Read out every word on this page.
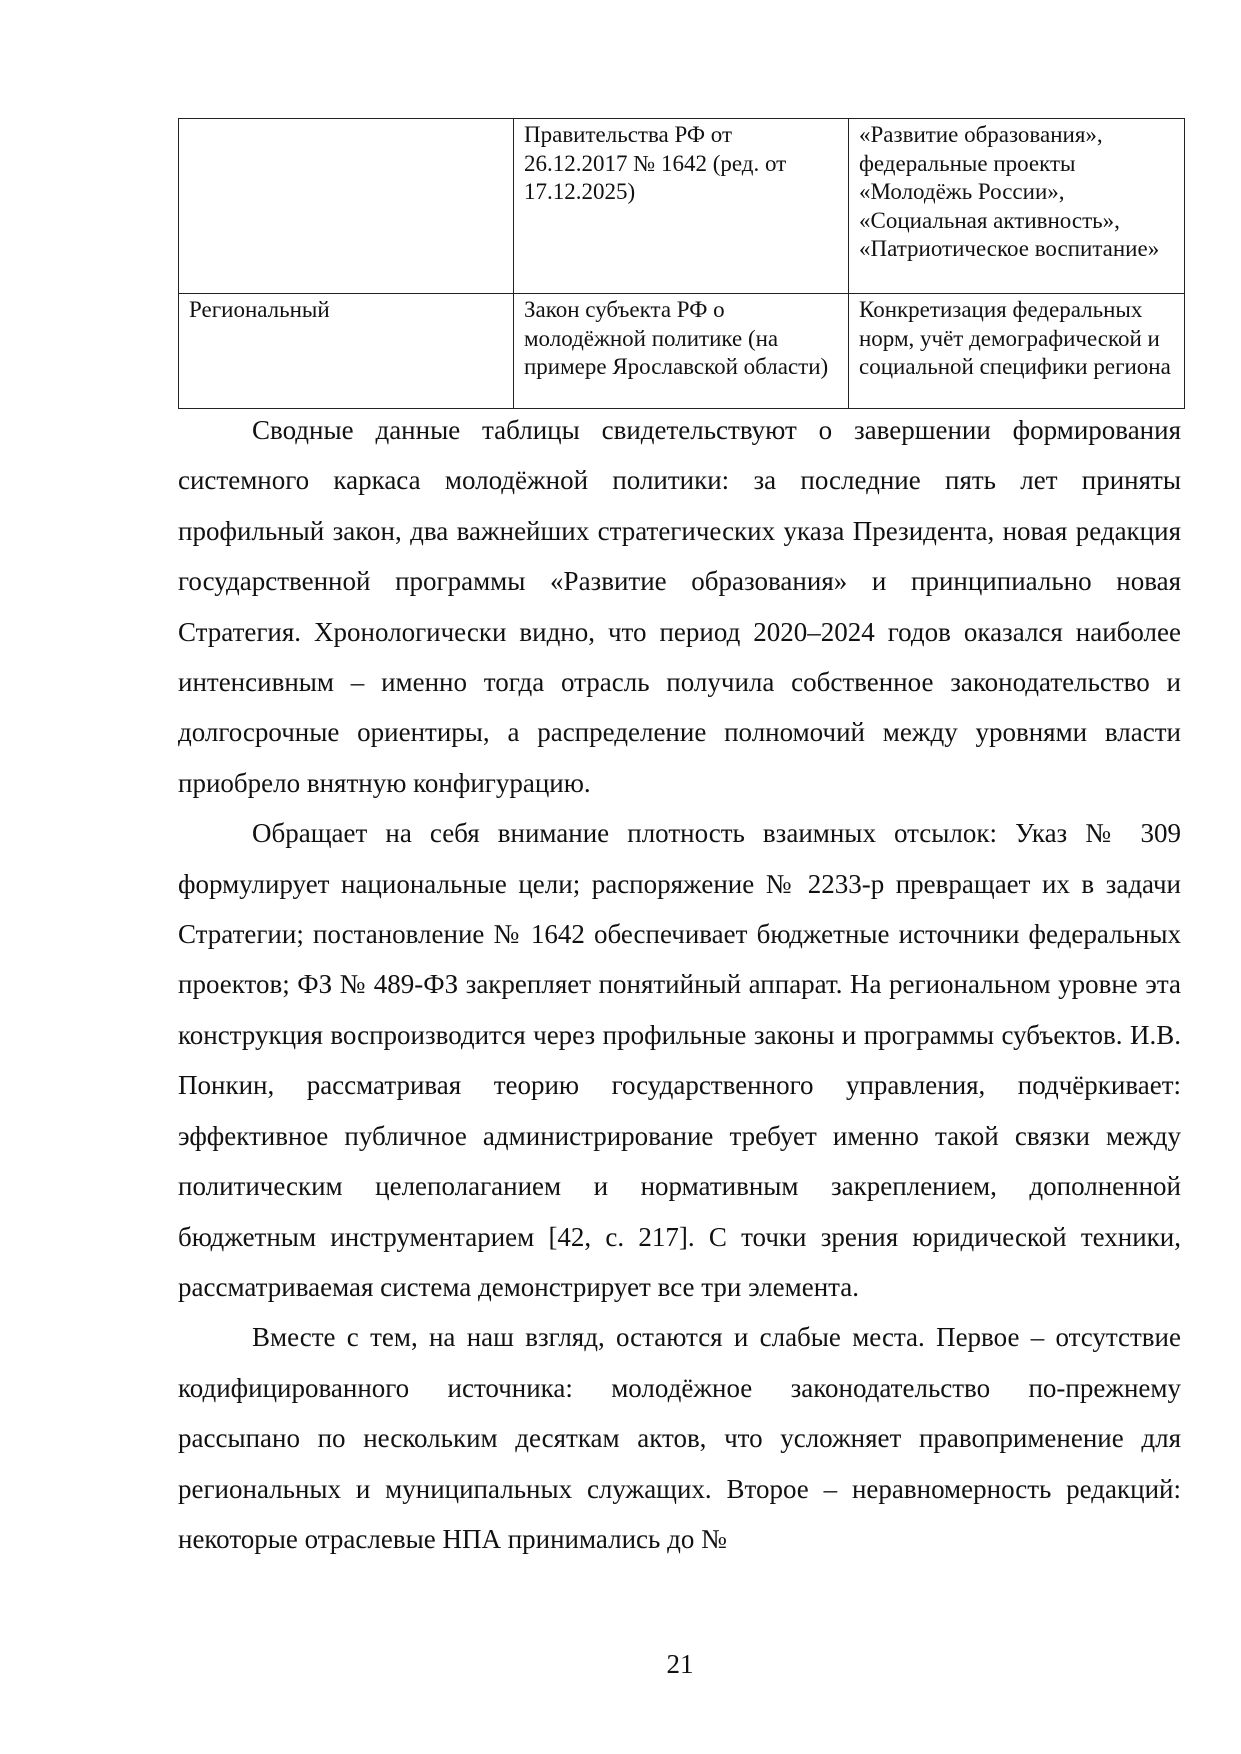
	Правительства РФ от 26.12.2017 № 1642 (ред. от 17.12.2025)	«Развитие образования», федеральные проекты «Молодёжь России», «Социальная активность», «Патриотическое воспитание»
Региональный	Закон субъекта РФ о молодёжной политике (на примере Ярославской области)	Конкретизация федеральных норм, учёт демографической и социальной специфики региона

Сводные данные таблицы свидетельствуют о завершении формирования системного каркаса молодёжной политики: за последние пять лет приняты профильный закон, два важнейших стратегических указа Президента, новая редакция государственной программы «Развитие образования» и принципиально новая Стратегия. Хронологически видно, что период 2020–2024 годов оказался наиболее интенсивным – именно тогда отрасль получила собственное законодательство и долгосрочные ориентиры, а распределение полномочий между уровнями власти приобрело внятную конфигурацию.

Обращает на себя внимание плотность взаимных отсылок: Указ № 309 формулирует национальные цели; распоряжение № 2233-р превращает их в задачи Стратегии; постановление № 1642 обеспечивает бюджетные источники федеральных проектов; ФЗ № 489-ФЗ закрепляет понятийный аппарат. На региональном уровне эта конструкция воспроизводится через профильные законы и программы субъектов. И.В. Понкин, рассматривая теорию государственного управления, подчёркивает: эффективное публичное администрирование требует именно такой связки между политическим целеполаганием и нормативным закреплением, дополненной бюджетным инструментарием [42, с. 217]. С точки зрения юридической техники, рассматриваемая система демонстрирует все три элемента.

Вместе с тем, на наш взгляд, остаются и слабые места. Первое – отсутствие кодифицированного источника: молодёжное законодательство по-прежнему рассыпано по нескольким десяткам актов, что усложняет правоприменение для региональных и муниципальных служащих. Второе – неравномерность редакций: некоторые отраслевые НПА принимались до №

21
